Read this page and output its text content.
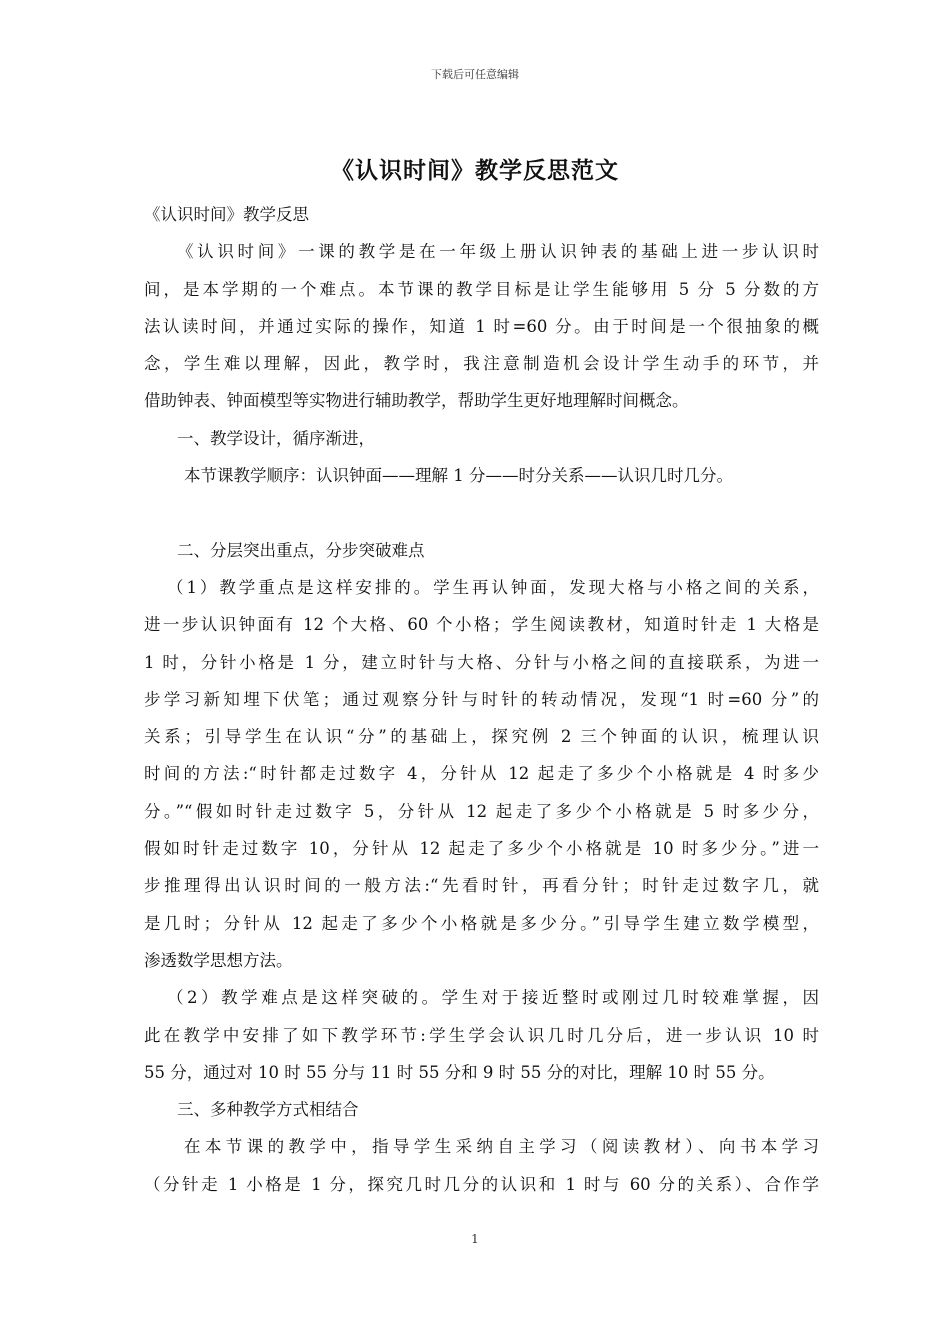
下载后可任意编辑
《认识时间》教学反思范文
《认识时间》教学反思
《认识时间》一课的教学是在一年级上册认识钟表的基础上进一步认识时
间，是本学期的一个难点。本节课的教学目标是让学生能够用 5 分 5 分数的方
法认读时间，并通过实际的操作，知道 1 时=60 分。由于时间是一个很抽象的概
念，学生难以理解，因此，教学时，我注意制造机会设计学生动手的环节，并
借助钟表、钟面模型等实物进行辅助教学，帮助学生更好地理解时间概念。
一、教学设计，循序渐进，
本节课教学顺序：认识钟面——理解 1 分——时分关系——认识几时几分。
二、分层突出重点，分步突破难点
（1）教学重点是这样安排的。学生再认钟面，发现大格与小格之间的关系，
进一步认识钟面有 12 个大格、60 个小格；学生阅读教材，知道时针走 1 大格是
1 时，分针小格是 1 分，建立时针与大格、分针与小格之间的直接联系，为进一
步学习新知埋下伏笔；通过观察分针与时针的转动情况，发现“1 时=60 分”的
关系；引导学生在认识“分”的基础上，探究例 2 三个钟面的认识，梳理认识
时间的方法:“时针都走过数字 4，分针从 12 起走了多少个小格就是 4 时多少
分。”“假如时针走过数字 5，分针从 12 起走了多少个小格就是 5 时多少分，
假如时针走过数字 10，分针从 12 起走了多少个小格就是 10 时多少分。”进一
步推理得出认识时间的一般方法:“先看时针，再看分针；时针走过数字几，就
是几时；分针从 12 起走了多少个小格就是多少分。”引导学生建立数学模型，
渗透数学思想方法。
（2）教学难点是这样突破的。学生对于接近整时或刚过几时较难掌握，因
此在教学中安排了如下教学环节:学生学会认识几时几分后，进一步认识 10 时
55 分，通过对 10 时 55 分与 11 时 55 分和 9 时 55 分的对比，理解 10 时 55 分。
三、多种教学方式相结合
在本节课的教学中，指导学生采纳自主学习（阅读教材）、向书本学习
（分针走 1 小格是 1 分，探究几时几分的认识和 1 时与 60 分的关系）、合作学
1
